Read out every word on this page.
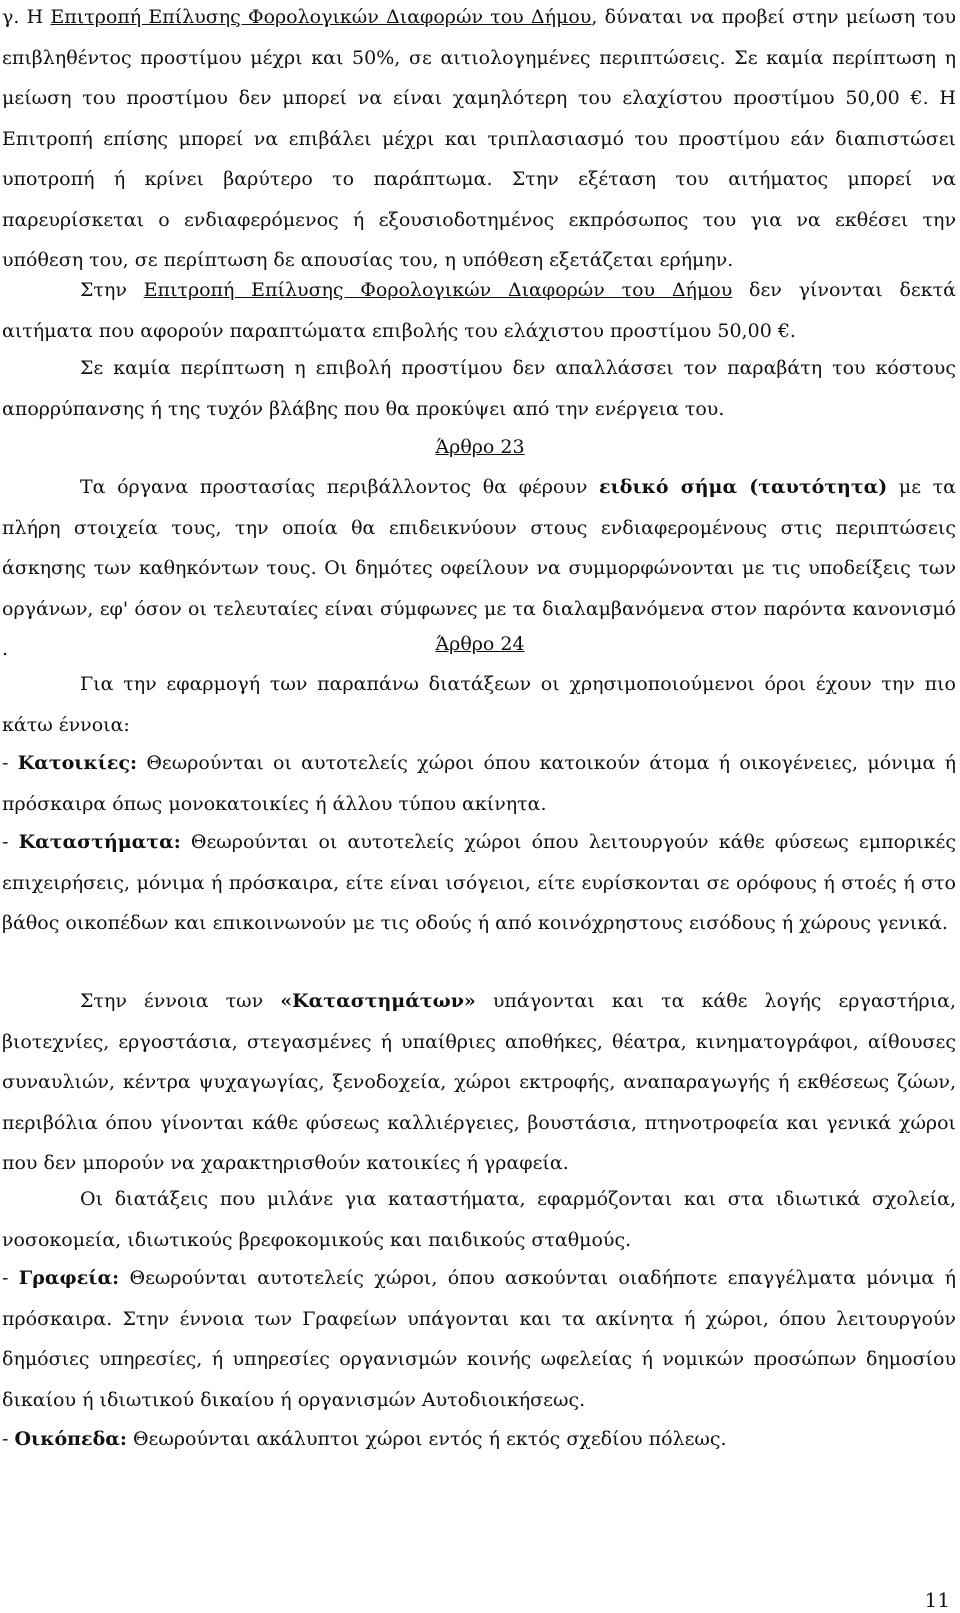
γ. Η Επιτροπή Επίλυσης Φορολογικών Διαφορών του Δήμου, δύναται να προβεί στην μείωση του επιβληθέντος προστίμου μέχρι και 50%, σε αιτιολογημένες περιπτώσεις. Σε καμία περίπτωση η μείωση του προστίμου δεν μπορεί να είναι χαμηλότερη του ελαχίστου προστίμου 50,00 €. Η Επιτροπή επίσης μπορεί να επιβάλει μέχρι και τριπλασιασμό του προστίμου εάν διαπιστώσει υποτροπή ή κρίνει βαρύτερο το παράπτωμα. Στην εξέταση του αιτήματος μπορεί να παρευρίσκεται ο ενδιαφερόμενος ή εξουσιοδοτημένος εκπρόσωπος του για να εκθέσει την υπόθεση του, σε περίπτωση δε απουσίας του, η υπόθεση εξετάζεται ερήμην.

Στην Επιτροπή Επίλυσης Φορολογικών Διαφορών του Δήμου δεν γίνονται δεκτά αιτήματα που αφορούν παραπτώματα επιβολής του ελάχιστου προστίμου 50,00 €.

Σε καμία περίπτωση η επιβολή προστίμου δεν απαλλάσσει τον παραβάτη του κόστους απορρύπανσης ή της τυχόν βλάβης που θα προκύψει από την ενέργεια του.

Άρθρο 23

Τα όργανα προστασίας περιβάλλοντος θα φέρουν ειδικό σήμα (ταυτότητα) με τα πλήρη στοιχεία τους, την οποία θα επιδεικνύουν στους ενδιαφερομένους στις περιπτώσεις άσκησης των καθηκόντων τους. Οι δημότες οφείλουν να συμμορφώνονται με τις υποδείξεις των οργάνων, εφ' όσον οι τελευταίες είναι σύμφωνες με τα διαλαμβανόμενα στον παρόντα κανονισμό .	Άρθρο 24

Για την εφαρμογή των παραπάνω διατάξεων οι χρησιμοποιούμενοι όροι έχουν την πιο κάτω έννοια:

- Κατοικίες: Θεωρούνται οι αυτοτελείς χώροι όπου κατοικούν άτομα ή οικογένειες, μόνιμα ή πρόσκαιρα όπως μονοκατοικίες ή άλλου τύπου ακίνητα.

- Καταστήματα: Θεωρούνται οι αυτοτελείς χώροι όπου λειτουργούν κάθε φύσεως εμπορικές επιχειρήσεις, μόνιμα ή πρόσκαιρα, είτε είναι ισόγειοι, είτε ευρίσκονται σε ορόφους ή στοές ή στο βάθος οικοπέδων και επικοινωνούν με τις οδούς ή από κοινόχρηστους εισόδους ή χώρους γενικά.

Στην έννοια των «Καταστημάτων» υπάγονται και τα κάθε λογής εργαστήρια, βιοτεχνίες, εργοστάσια, στεγασμένες ή υπαίθριες αποθήκες, θέατρα, κινηματογράφοι, αίθουσες συναυλιών, κέντρα ψυχαγωγίας, ξενοδοχεία, χώροι εκτροφής, αναπαραγωγής ή εκθέσεως ζώων, περιβόλια όπου γίνονται κάθε φύσεως καλλιέργειες, βουστάσια, πτηνοτροφεία και γενικά χώροι που δεν μπορούν να χαρακτηρισθούν κατοικίες ή γραφεία.

Οι διατάξεις που μιλάνε για καταστήματα, εφαρμόζονται και στα ιδιωτικά σχολεία, νοσοκομεία, ιδιωτικούς βρεφοκομικούς και παιδικούς σταθμούς.

- Γραφεία: Θεωρούνται αυτοτελείς χώροι, όπου ασκούνται οιαδήποτε επαγγέλματα μόνιμα ή πρόσκαιρα. Στην έννοια των Γραφείων υπάγονται και τα ακίνητα ή χώροι, όπου λειτουργούν δημόσιες υπηρεσίες, ή υπηρεσίες οργανισμών κοινής ωφελείας ή νομικών προσώπων δημοσίου δικαίου ή ιδιωτικού δικαίου ή οργανισμών Αυτοδιοικήσεως.

- Οικόπεδα: Θεωρούνται ακάλυπτοι χώροι εντός ή εκτός σχεδίου πόλεως.

11
